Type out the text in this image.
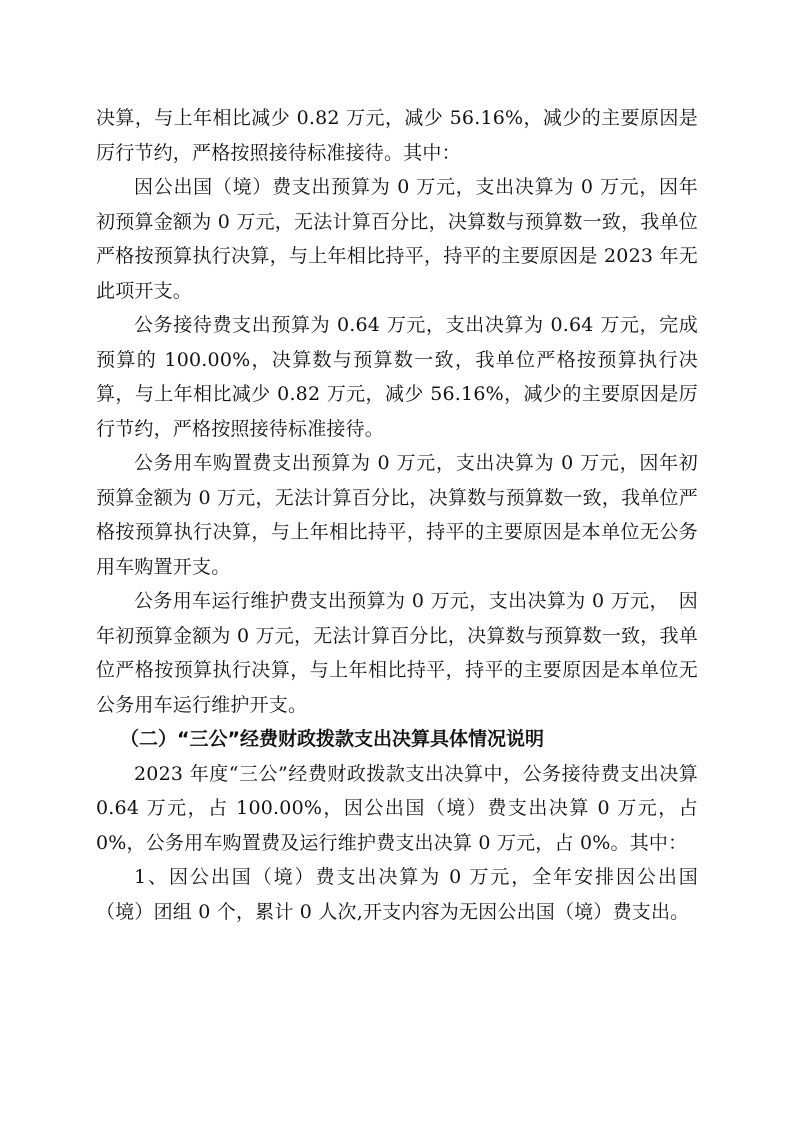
决算，与上年相比减少 0.82 万元，减少 56.16%，减少的主要原因是厉行节约，严格按照接待标准接待。其中：

因公出国（境）费支出预算为 0 万元，支出决算为 0 万元，因年初预算金额为 0 万元，无法计算百分比，决算数与预算数一致，我单位严格按预算执行决算，与上年相比持平，持平的主要原因是 2023 年无此项开支。

公务接待费支出预算为 0.64 万元，支出决算为 0.64 万元，完成预算的 100.00%，决算数与预算数一致，我单位严格按预算执行决算，与上年相比减少 0.82 万元，减少 56.16%，减少的主要原因是厉行节约，严格按照接待标准接待。

公务用车购置费支出预算为 0 万元，支出决算为 0 万元，因年初预算金额为 0 万元，无法计算百分比，决算数与预算数一致，我单位严格按预算执行决算，与上年相比持平，持平的主要原因是本单位无公务用车购置开支。

公务用车运行维护费支出预算为 0 万元，支出决算为 0 万元，　因年初预算金额为 0 万元，无法计算百分比，决算数与预算数一致，我单位严格按预算执行决算，与上年相比持平，持平的主要原因是本单位无公务用车运行维护开支。

（二）“三公”经费财政拨款支出决算具体情况说明

2023 年度“三公”经费财政拨款支出决算中，公务接待费支出决算 0.64 万元，占 100.00%，因公出国（境）费支出决算 0 万元，占 0%，公务用车购置费及运行维护费支出决算 0 万元，占 0%。其中：

1、因公出国（境）费支出决算为 0 万元，全年安排因公出国（境）团组 0 个，累计 0 人次,开支内容为无因公出国（境）费支出。
